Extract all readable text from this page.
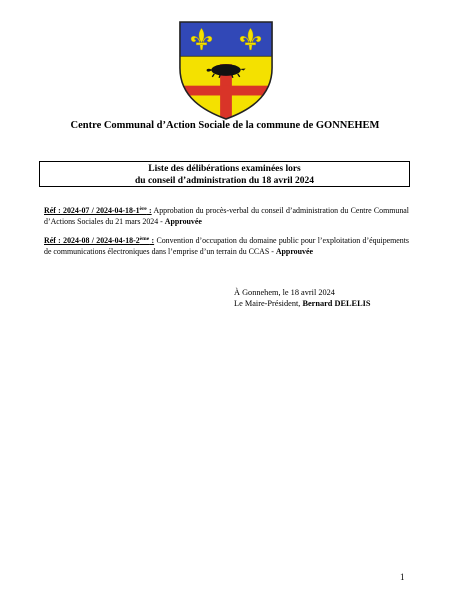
Centre Communal d’Action Sociale de la commune de GONNEHEM
Liste des délibérations examinées lors
du conseil d’administration du 18 avril 2024
Réf : 2024-07 / 2024-04-18-1ère : Approbation du procès-verbal du conseil d’administration du Centre Communal d’Actions Sociales du 21 mars 2024 - Approuvée
Réf : 2024-08 / 2024-04-18-2ème : Convention d’occupation du domaine public pour l’exploitation d’équipements de communications électroniques dans l’emprise d’un terrain du CCAS - Approuvée
À Gonnehem, le 18 avril 2024
Le Maire-Président, Bernard DELELIS
1
